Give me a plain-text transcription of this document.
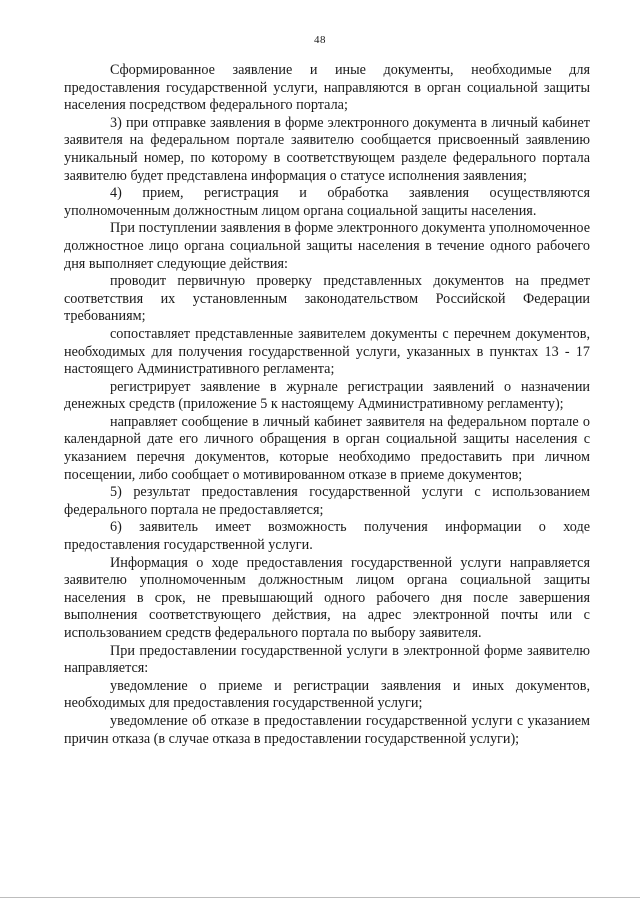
48

Сформированное заявление и иные документы, необходимые для предоставления государственной услуги, направляются в орган социальной защиты населения посредством федерального портала;

3) при отправке заявления в форме электронного документа в личный кабинет заявителя на федеральном портале заявителю сообщается присвоенный заявлению уникальный номер, по которому в соответствующем разделе федерального портала заявителю будет представлена информация о статусе исполнения заявления;

4) прием, регистрация и обработка заявления осуществляются уполномоченным должностным лицом органа социальной защиты населения.

При поступлении заявления в форме электронного документа уполномоченное должностное лицо органа социальной защиты населения в течение одного рабочего дня выполняет следующие действия:

проводит первичную проверку представленных документов на предмет соответствия их установленным законодательством Российской Федерации требованиям;

сопоставляет представленные заявителем документы с перечнем документов, необходимых для получения государственной услуги, указанных в пунктах 13 - 17 настоящего Административного регламента;

регистрирует заявление в журнале регистрации заявлений о назначении денежных средств (приложение 5 к настоящему Административному регламенту);

направляет сообщение в личный кабинет заявителя на федеральном портале о календарной дате его личного обращения в орган социальной защиты населения с указанием перечня документов, которые необходимо предоставить при личном посещении, либо сообщает о мотивированном отказе в приеме документов;

5) результат предоставления государственной услуги с использованием федерального портала не предоставляется;

6) заявитель имеет возможность получения информации о ходе предоставления государственной услуги.

Информация о ходе предоставления государственной услуги направляется заявителю уполномоченным должностным лицом органа социальной защиты населения в срок, не превышающий одного рабочего дня после завершения выполнения соответствующего действия, на адрес электронной почты или с использованием средств федерального портала по выбору заявителя.

При предоставлении государственной услуги в электронной форме заявителю направляется:

уведомление о приеме и регистрации заявления и иных документов, необходимых для предоставления государственной услуги;

уведомление об отказе в предоставлении государственной услуги с указанием причин отказа (в случае отказа в предоставлении государственной услуги);
